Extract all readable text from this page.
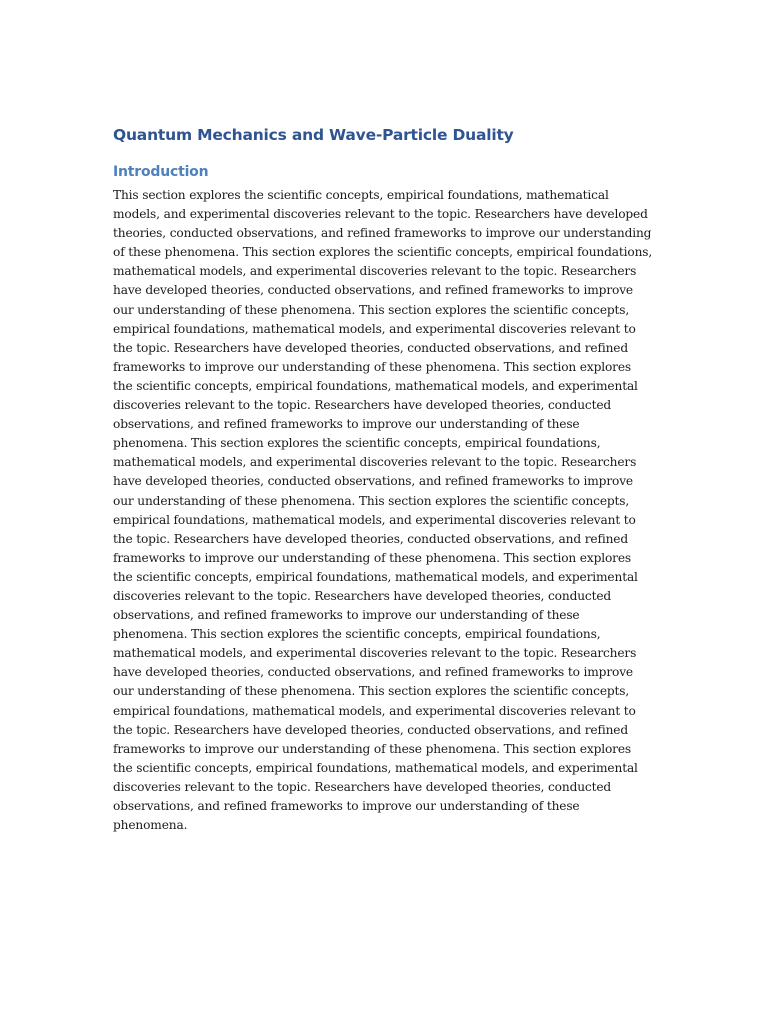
Quantum Mechanics and Wave-Particle Duality
Introduction

This section explores the scientific concepts, empirical foundations, mathematical models, and experimental discoveries relevant to the topic. Researchers have developed theories, conducted observations, and refined frameworks to improve our understanding of these phenomena. This section explores the scientific concepts, empirical foundations, mathematical models, and experimental discoveries relevant to the topic. Researchers have developed theories, conducted observations, and refined frameworks to improve our understanding of these phenomena. This section explores the scientific concepts, empirical foundations, mathematical models, and experimental discoveries relevant to the topic. Researchers have developed theories, conducted observations, and refined frameworks to improve our understanding of these phenomena. This section explores the scientific concepts, empirical foundations, mathematical models, and experimental discoveries relevant to the topic. Researchers have developed theories, conducted observations, and refined frameworks to improve our understanding of these phenomena. This section explores the scientific concepts, empirical foundations, mathematical models, and experimental discoveries relevant to the topic. Researchers have developed theories, conducted observations, and refined frameworks to improve our understanding of these phenomena. This section explores the scientific concepts, empirical foundations, mathematical models, and experimental discoveries relevant to the topic. Researchers have developed theories, conducted observations, and refined frameworks to improve our understanding of these phenomena. This section explores the scientific concepts, empirical foundations, mathematical models, and experimental discoveries relevant to the topic. Researchers have developed theories, conducted observations, and refined frameworks to improve our understanding of these phenomena. This section explores the scientific concepts, empirical foundations, mathematical models, and experimental discoveries relevant to the topic. Researchers have developed theories, conducted observations, and refined frameworks to improve our understanding of these phenomena. This section explores the scientific concepts, empirical foundations, mathematical models, and experimental discoveries relevant to the topic. Researchers have developed theories, conducted observations, and refined frameworks to improve our understanding of these phenomena. This section explores the scientific concepts, empirical foundations, mathematical models, and experimental discoveries relevant to the topic. Researchers have developed theories, conducted observations, and refined frameworks to improve our understanding of these phenomena.
